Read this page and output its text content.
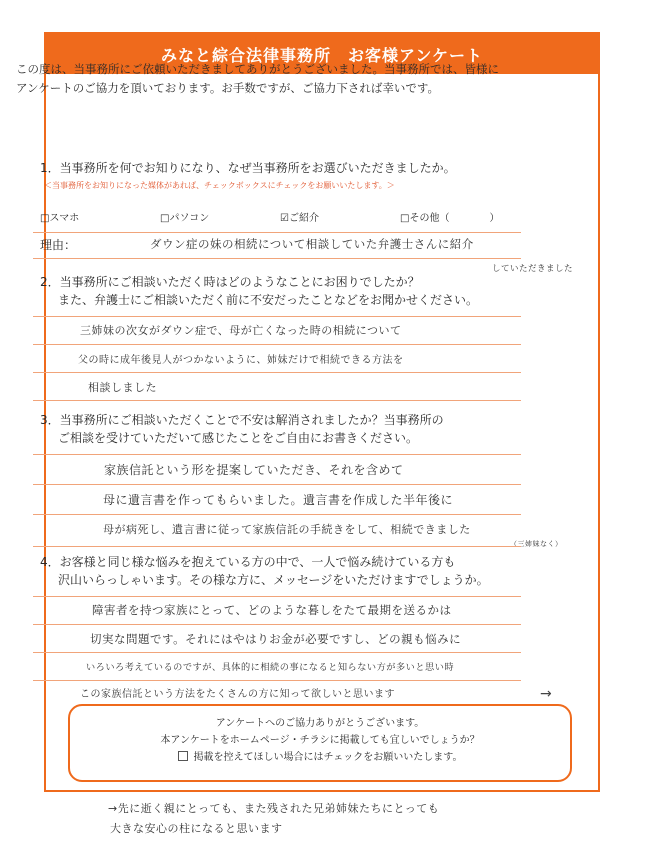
みなと綜合法律事務所　お客様アンケート
この度は、当事務所にご依頼いただきましてありがとうございました。当事務所では、皆様に
アンケートのご協力を頂いております。お手数ですが、ご協力下されば幸いです。
1．当事務所を何でお知りになり、なぜ当事務所をお選びいただきましたか。
＜当事務所をお知りになった媒体があれば、チェックボックスにチェックをお願いいたします。＞
□スマホ	□パソコン	☑ご紹介	□その他（　　　　）
理由：	ダウン症の妹の相続について相談していた弁護士さんに紹介
していただきました
2．当事務所にご相談いただく時はどのようなことにお困りでしたか？
また、弁護士にご相談いただく前に不安だったことなどをお聞かせください。
三姉妹の次女がダウン症で、母が亡くなった時の相続について
父の時に成年後見人がつかないように、姉妹だけで相続できる方法を
相談しました
3．当事務所にご相談いただくことで不安は解消されましたか？当事務所の
ご相談を受けていただいて感じたことをご自由にお書きください。
家族信託という形を提案していただき、それを含めて
母に遺言書を作ってもらいました。遺言書を作成した半年後に
母が病死し、遺言書に従って家族信託の手続きをして、相続できました
（三姉妹なく）
4．お客様と同じ様な悩みを抱えている方の中で、一人で悩み続けている方も
沢山いらっしゃいます。その様な方に、メッセージをいただけますでしょうか。
障害者を持つ家族にとって、どのような暮しをたて最期を送るかは
切実な問題です。それにはやはりお金が必要ですし、どの親も悩みに
いろいろ考えているのですが、具体的に相続の事になると知らない方が多いと思い時
この家族信託という方法をたくさんの方に知って欲しいと思います	→
アンケートへのご協力ありがとうございます。
本アンケートをホームページ・チラシに掲載しても宜しいでしょうか？
掲載を控えてほしい場合にはチェックをお願いいたします。
→先に逝く親にとっても、また残された兄弟姉妹たちにとっても
大きな安心の柱になると思います
